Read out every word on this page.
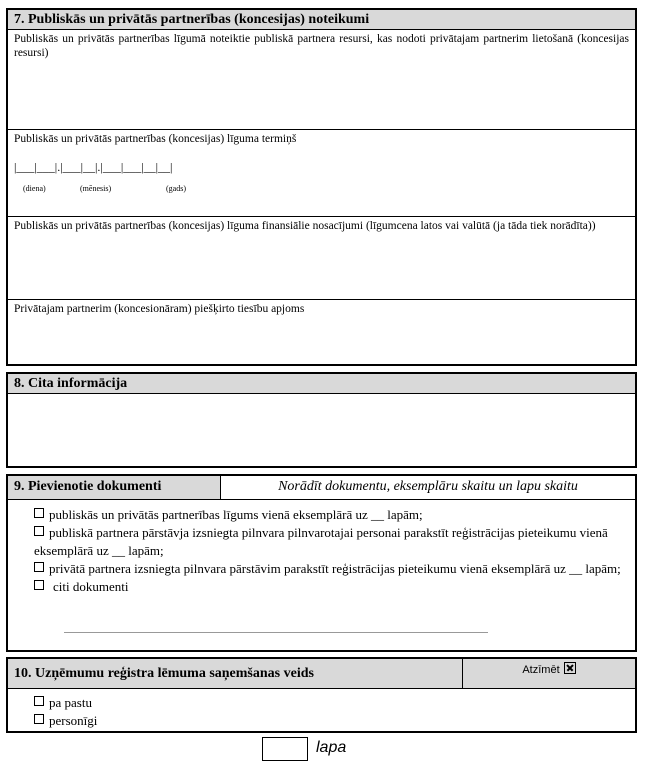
7. Publiskās un privātās partnerības (koncesijas) noteikumi
Publiskās un privātās partnerības līgumā noteiktie publiskā partnera resursi, kas nodoti privātajam partnerim lietošanā (koncesijas resursi)
Publiskās un privātās partnerības (koncesijas) līguma termiņš
|___|___|.|___|__|.|___|___|__|__|
(diena)	(mēnesis)	(gads)
Publiskās un privātās partnerības (koncesijas) līguma finansiālie nosacījumi (līgumcena latos vai valūtā (ja tāda tiek norādīta))
Privātajam partnerim (koncesionāram) piešķirto tiesību apjoms
8. Cita informācija
9. Pievienotie dokumenti	Norādīt dokumentu, eksemplāru skaitu un lapu skaitu

publiskās un privātās partnerības līgums vienā eksemplārā uz __ lapām;

publiskā partnera pārstāvja izsniegta pilnvara pilnvarotajai personai parakstīt reģistrācijas pieteikumu vienā eksemplārā uz __ lapām;

privātā partnera izsniegta pilnvara pārstāvim parakstīt reģistrācijas pieteikumu vienā eksemplārā uz __ lapām;

citi dokumenti

10. Uzņēmumu reģistra lēmuma saņemšanas veids	Atzīmēt

pa pastu

personīgi

lapa
